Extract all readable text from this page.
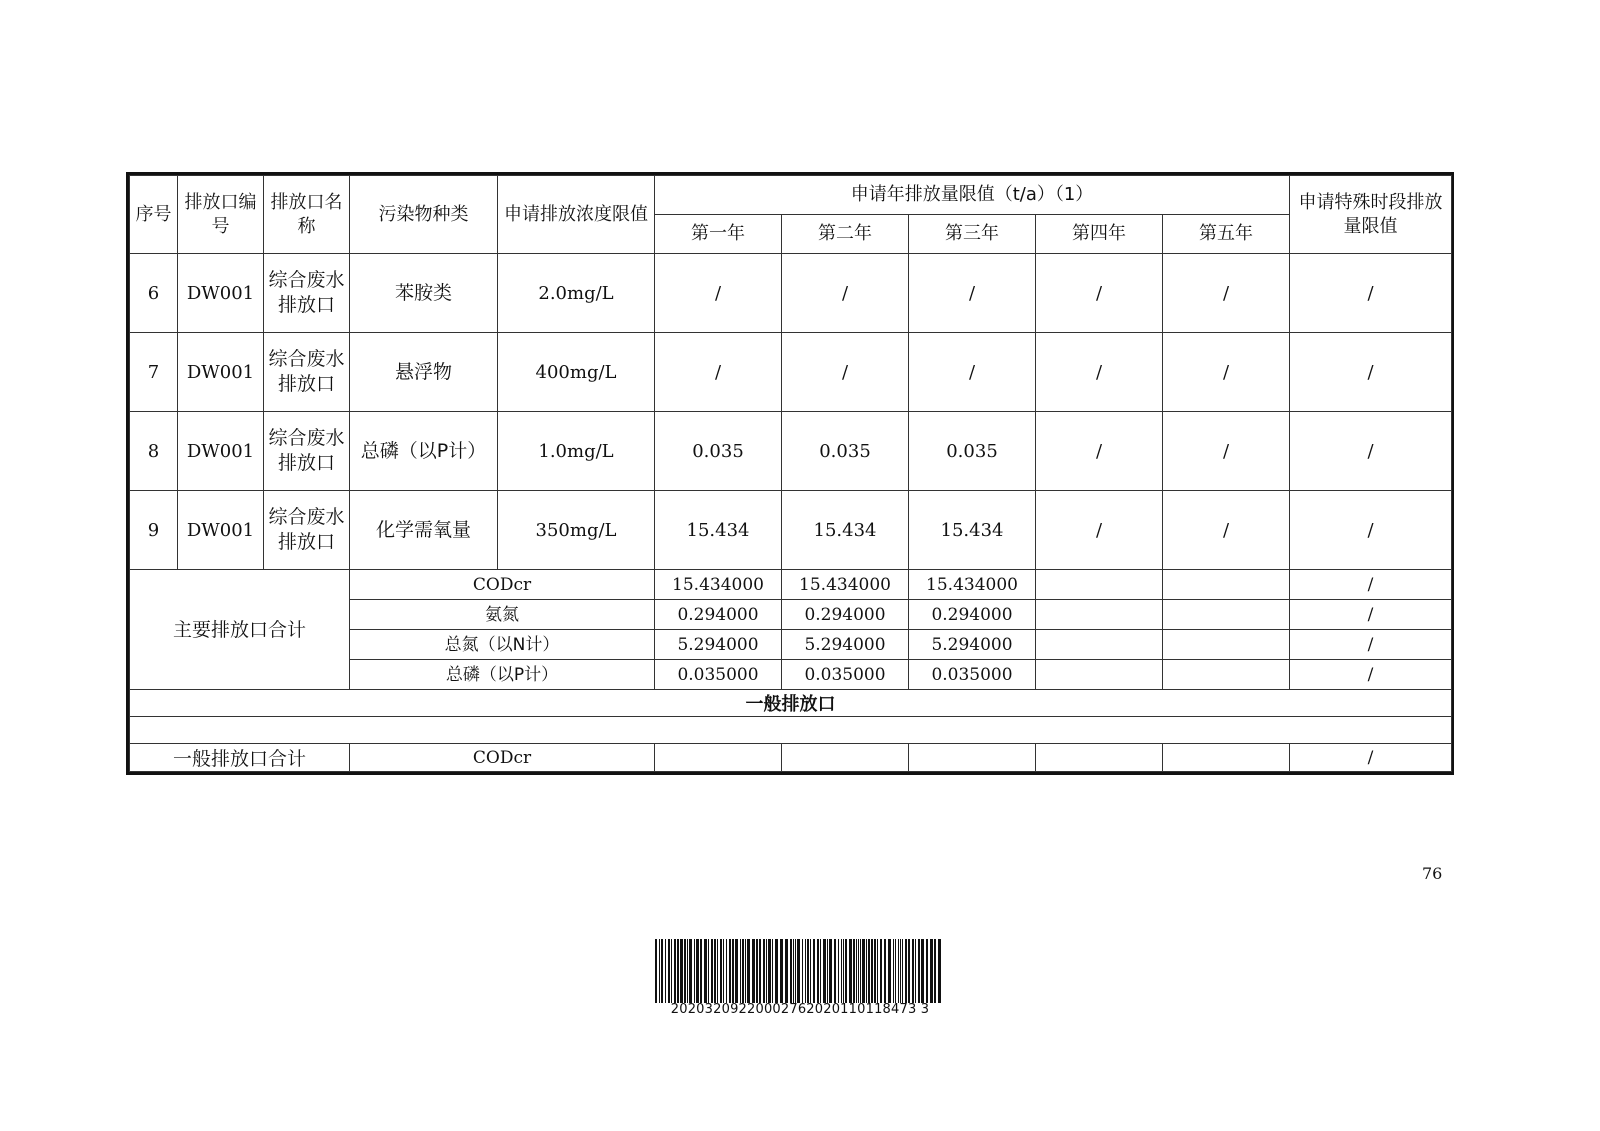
序号	排放口编号	排放口名称	污染物种类	申请排放浓度限值	申请年排放量限值（t/a）（1）					申请特殊时段排放量限值
					第一年	第二年	第三年	第四年	第五年	
6	DW001	综合废水排放口	苯胺类	2.0mg/L	/	/	/	/	/	/
7	DW001	综合废水排放口	悬浮物	400mg/L	/	/	/	/	/	/
8	DW001	综合废水排放口	总磷（以P计）	1.0mg/L	0.035	0.035	0.035	/	/	/
9	DW001	综合废水排放口	化学需氧量	350mg/L	15.434	15.434	15.434	/	/	/
主要排放口合计			CODcr		15.434000	15.434000	15.434000			/
			氨氮		0.294000	0.294000	0.294000			/
			总氮（以N计）		5.294000	5.294000	5.294000			/
			总磷（以P计）		0.035000	0.035000	0.035000			/
一般排放口										

一般排放口合计			CODcr							/
76
20203209220002762020110118473 3
